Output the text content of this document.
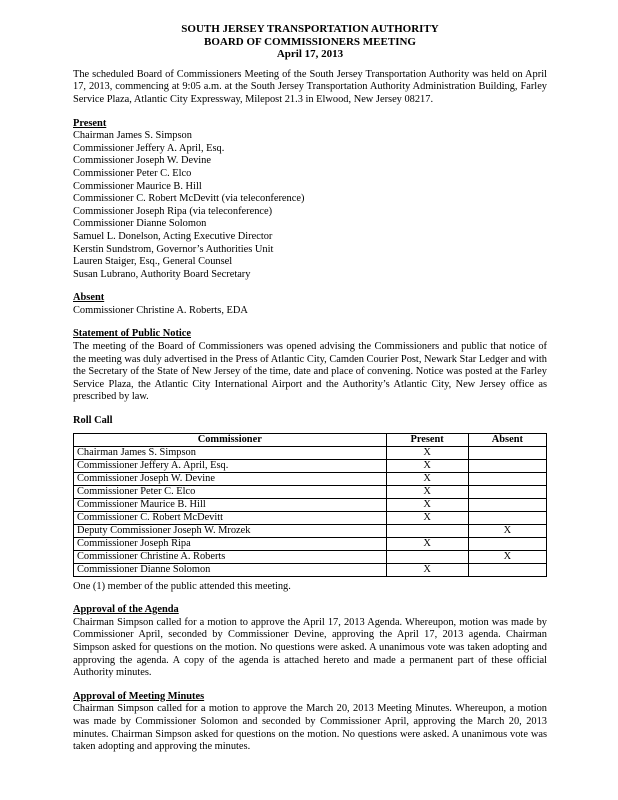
SOUTH JERSEY TRANSPORTATION AUTHORITY
BOARD OF COMMISSIONERS MEETING
April 17, 2013

The scheduled Board of Commissioners Meeting of the South Jersey Transportation Authority was held on April 17, 2013, commencing at 9:05 a.m. at the South Jersey Transportation Authority Administration Building, Farley Service Plaza, Atlantic City Expressway, Milepost 21.3 in Elwood, New Jersey 08217.

Present
Chairman James S. Simpson
Commissioner Jeffery A. April, Esq.
Commissioner Joseph W. Devine
Commissioner Peter C. Elco
Commissioner Maurice B. Hill
Commissioner C. Robert McDevitt (via teleconference)
Commissioner Joseph Ripa (via teleconference)
Commissioner Dianne Solomon
Samuel L. Donelson, Acting Executive Director
Kerstin Sundstrom, Governor’s Authorities Unit
Lauren Staiger, Esq., General Counsel
Susan Lubrano, Authority Board Secretary
Absent
Commissioner Christine A. Roberts, EDA
Statement of Public Notice

The meeting of the Board of Commissioners was opened advising the Commissioners and public that notice of the meeting was duly advertised in the Press of Atlantic City, Camden Courier Post, Newark Star Ledger and with the Secretary of the State of New Jersey of the time, date and place of convening. Notice was posted at the Farley Service Plaza, the Atlantic City International Airport and the Authority’s Atlantic City, New Jersey office as prescribed by law.

Roll Call
Commissioner	Present	Absent
Chairman James S. Simpson	X	
Commissioner Jeffery A. April, Esq.	X	
Commissioner Joseph W. Devine	X	
Commissioner Peter C. Elco	X	
Commissioner Maurice B. Hill	X	
Commissioner C. Robert McDevitt	X	
Deputy Commissioner Joseph W. Mrozek		X
Commissioner Joseph Ripa	X	
Commissioner Christine A. Roberts		X
Commissioner Dianne Solomon	X	
One (1) member of the public attended this meeting.
Approval of the Agenda

Chairman Simpson called for a motion to approve the April 17, 2013 Agenda. Whereupon, motion was made by Commissioner April, seconded by Commissioner Devine, approving the April 17, 2013 agenda. Chairman Simpson asked for questions on the motion. No questions were asked. A unanimous vote was taken adopting and approving the agenda. A copy of the agenda is attached hereto and made a permanent part of these official Authority minutes.

Approval of Meeting Minutes

Chairman Simpson called for a motion to approve the March 20, 2013 Meeting Minutes. Whereupon, a motion was made by Commissioner Solomon and seconded by Commissioner April, approving the March 20, 2013 minutes. Chairman Simpson asked for questions on the motion. No questions were asked. A unanimous vote was taken adopting and approving the minutes.
